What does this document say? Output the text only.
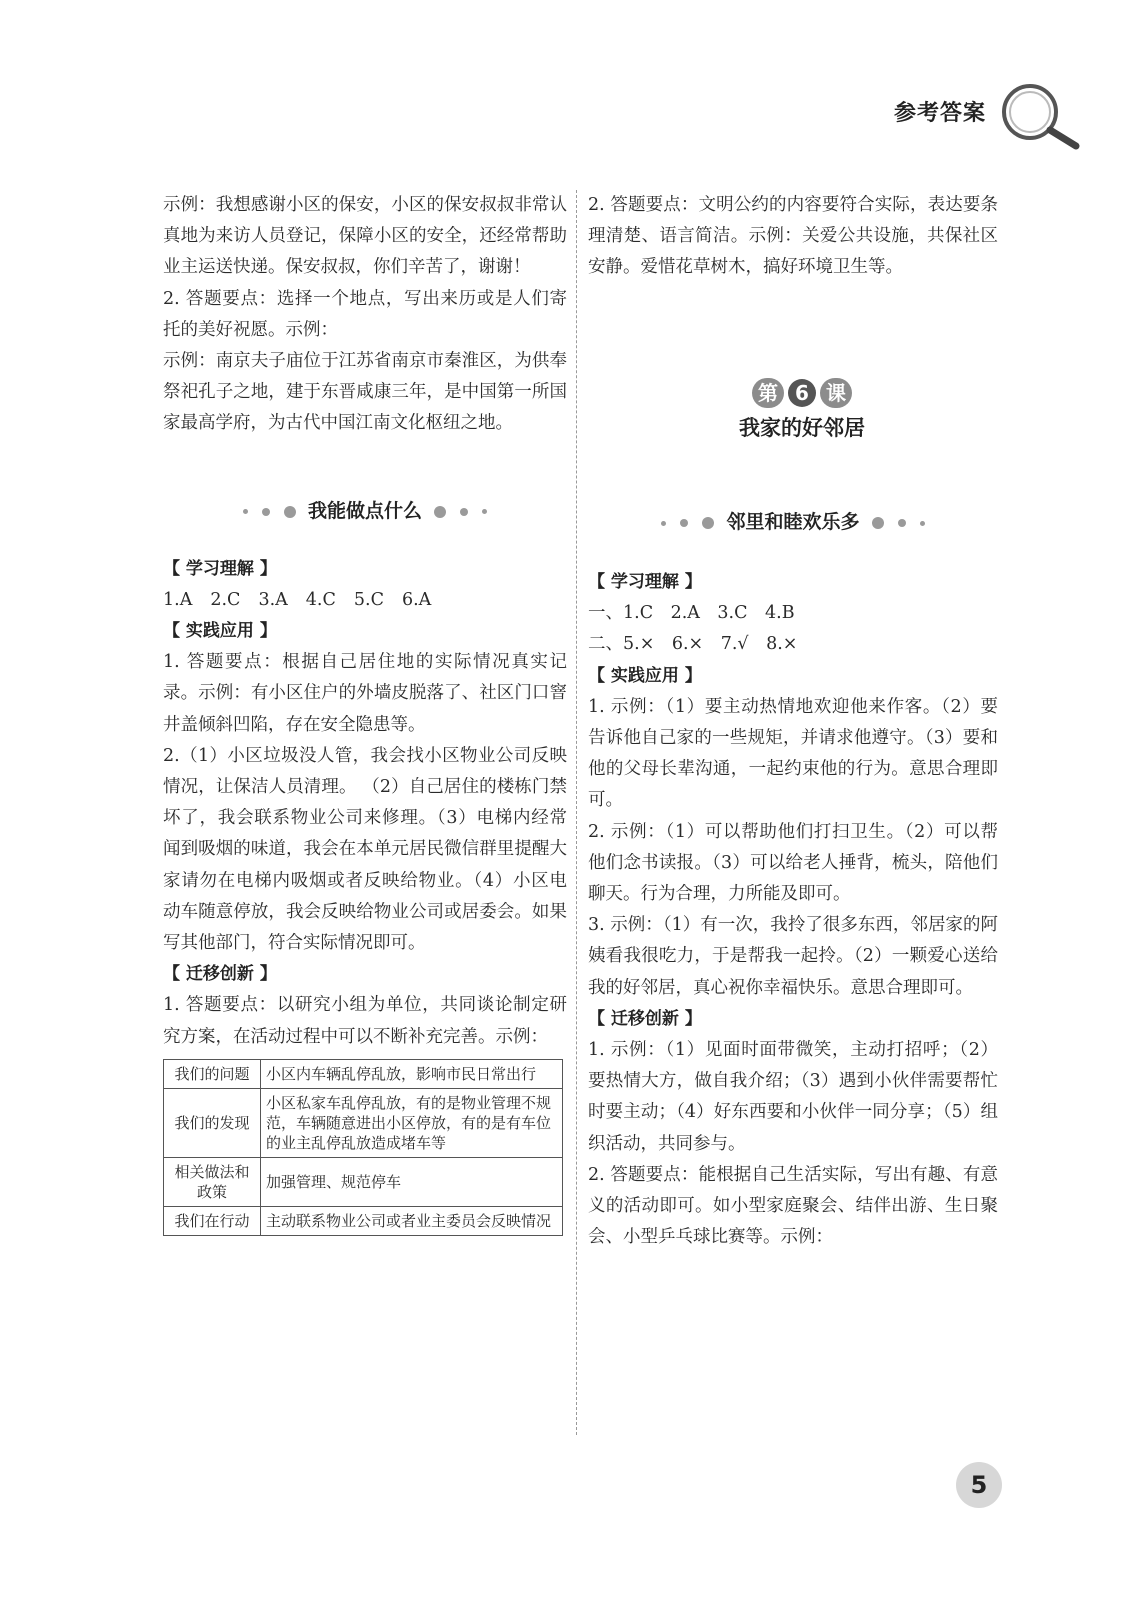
参考答案

示例：我想感谢小区的保安，小区的保安叔叔非常认真地为来访人员登记，保障小区的安全，还经常帮助业主运送快递。保安叔叔，你们辛苦了，谢谢！

2. 答题要点：选择一个地点，写出来历或是人们寄托的美好祝愿。示例：

示例：南京夫子庙位于江苏省南京市秦淮区，为供奉祭祀孔子之地，建于东晋咸康三年，是中国第一所国家最高学府，为古代中国江南文化枢纽之地。

我能做点什么
【 学习理解 】
1.A 2.C 3.A 4.C 5.C 6.A
【 实践应用 】

1. 答题要点：根据自己居住地的实际情况真实记录。示例：有小区住户的外墙皮脱落了、社区门口窨井盖倾斜凹陷，存在安全隐患等。

2.（1）小区垃圾没人管，我会找小区物业公司反映情况，让保洁人员清理。 （2）自己居住的楼栋门禁坏了，我会联系物业公司来修理。（3）电梯内经常闻到吸烟的味道，我会在本单元居民微信群里提醒大家请勿在电梯内吸烟或者反映给物业。（4）小区电动车随意停放，我会反映给物业公司或居委会。如果写其他部门，符合实际情况即可。

【 迁移创新 】

1. 答题要点：以研究小组为单位，共同谈论制定研究方案，在活动过程中可以不断补充完善。示例：

我们的问题	小区内车辆乱停乱放，影响市民日常出行
我们的发现	小区私家车乱停乱放，有的是物业管理不规范，车辆随意进出小区停放，有的是有车位的业主乱停乱放造成堵车等
相关做法和政策	加强管理、规范停车
我们在行动	主动联系物业公司或者业主委员会反映情况

2. 答题要点：文明公约的内容要符合实际，表达要条理清楚、语言简洁。示例：关爱公共设施，共保社区安静。爱惜花草树木，搞好环境卫生等。

第 6 课
我家的好邻居
邻里和睦欢乐多
【 学习理解 】

一、1.C　2.A　3.C　4.B

二、5.×　6.×　7.√　8.×

【 实践应用 】

1. 示例：（1）要主动热情地欢迎他来作客。（2）要告诉他自己家的一些规矩，并请求他遵守。（3）要和他的父母长辈沟通，一起约束他的行为。意思合理即可。

2. 示例：（1）可以帮助他们打扫卫生。（2）可以帮他们念书读报。（3）可以给老人捶背，梳头，陪他们聊天。行为合理，力所能及即可。

3. 示例：（1）有一次，我拎了很多东西，邻居家的阿姨看我很吃力，于是帮我一起拎。（2）一颗爱心送给我的好邻居，真心祝你幸福快乐。意思合理即可。

【 迁移创新 】

1. 示例：（1）见面时面带微笑，主动打招呼；（2）要热情大方，做自我介绍；（3）遇到小伙伴需要帮忙时要主动；（4）好东西要和小伙伴一同分享；（5）组织活动，共同参与。

2. 答题要点：能根据自己生活实际，写出有趣、有意义的活动即可。如小型家庭聚会、结伴出游、生日聚会、小型乒乓球比赛等。示例：

5
